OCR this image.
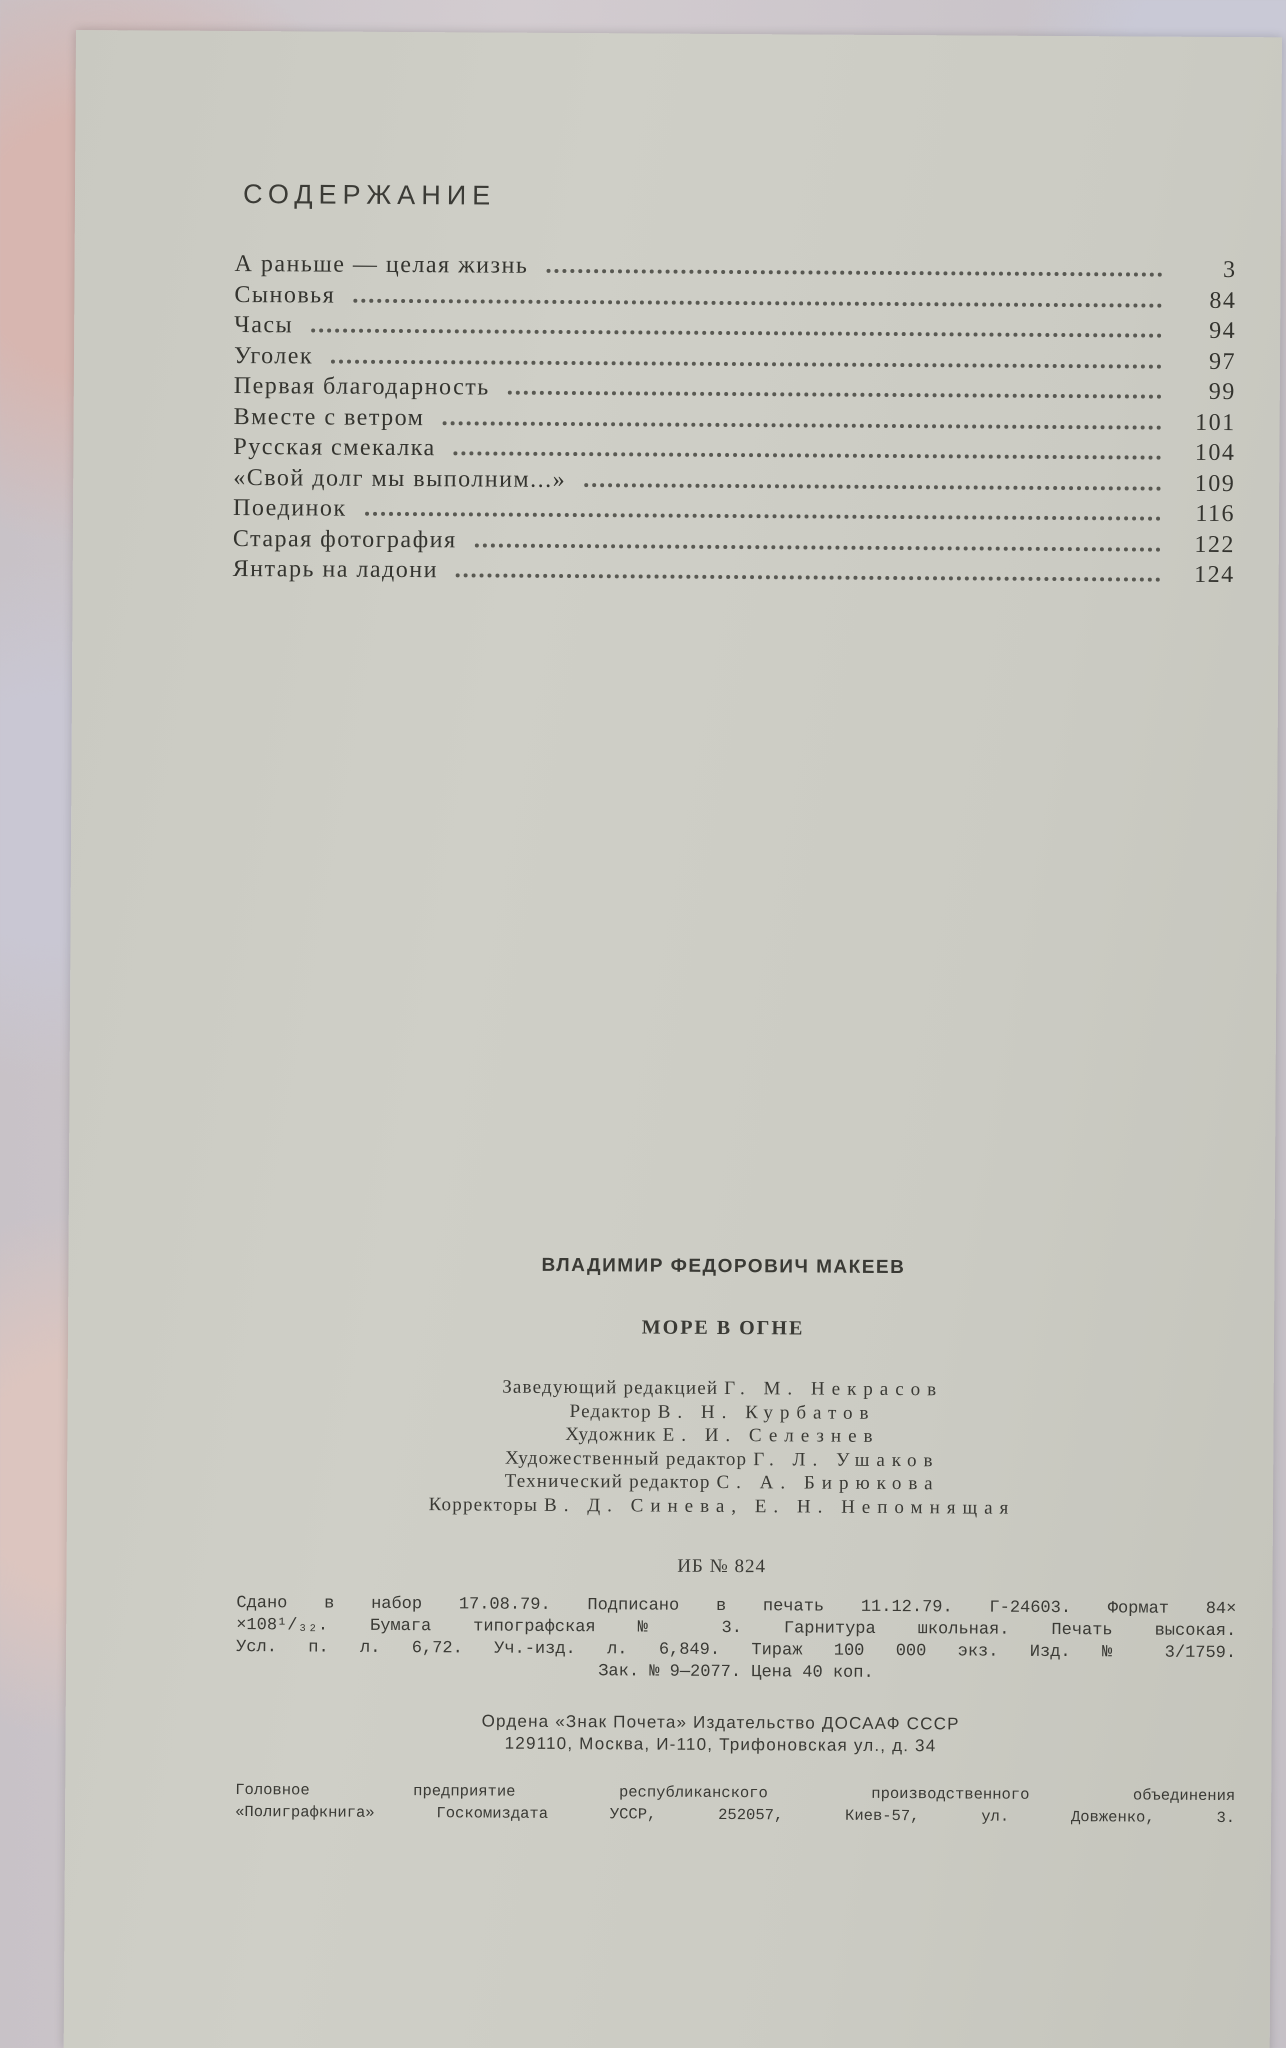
СОДЕРЖАНИЕ
А раньше — целая жизнь	3
Сыновья	84
Часы	94
Уголек	97
Первая благодарность	99
Вместе с ветром	101
Русская смекалка	104
«Свой долг мы выполним...»	109
Поединок	116
Старая фотография	122
Янтарь на ладони	124
ВЛАДИМИР ФЕДОРОВИЧ МАКЕЕВ
МОРЕ В ОГНЕ
Заведующий редакцией Г. М. Некрасов
Редактор В. Н. Курбатов
Художник Е. И. Селезнев
Художественный редактор Г. Л. Ушаков
Технический редактор С. А. Бирюкова
Корректоры В. Д. Синева, Е. Н. Непомнящая
ИБ № 824
Сдано в набор 17.08.79. Подписано в печать 11.12.79. Г-24603. Формат 84×
×108¹/₃₂. Бумага типографская № 3. Гарнитура школьная. Печать высокая.
Усл. п. л. 6,72. Уч.-изд. л. 6,849. Тираж 100 000 экз. Изд. № 3/1759.
Зак. № 9—2077. Цена 40 коп.
Ордена «Знак Почета» Издательство ДОСААФ СССР
129110, Москва, И-110, Трифоновская ул., д. 34
Головное предприятие республиканского производственного объединения
«Полиграфкнига» Госкомиздата УССР, 252057, Киев-57, ул. Довженко, 3.
